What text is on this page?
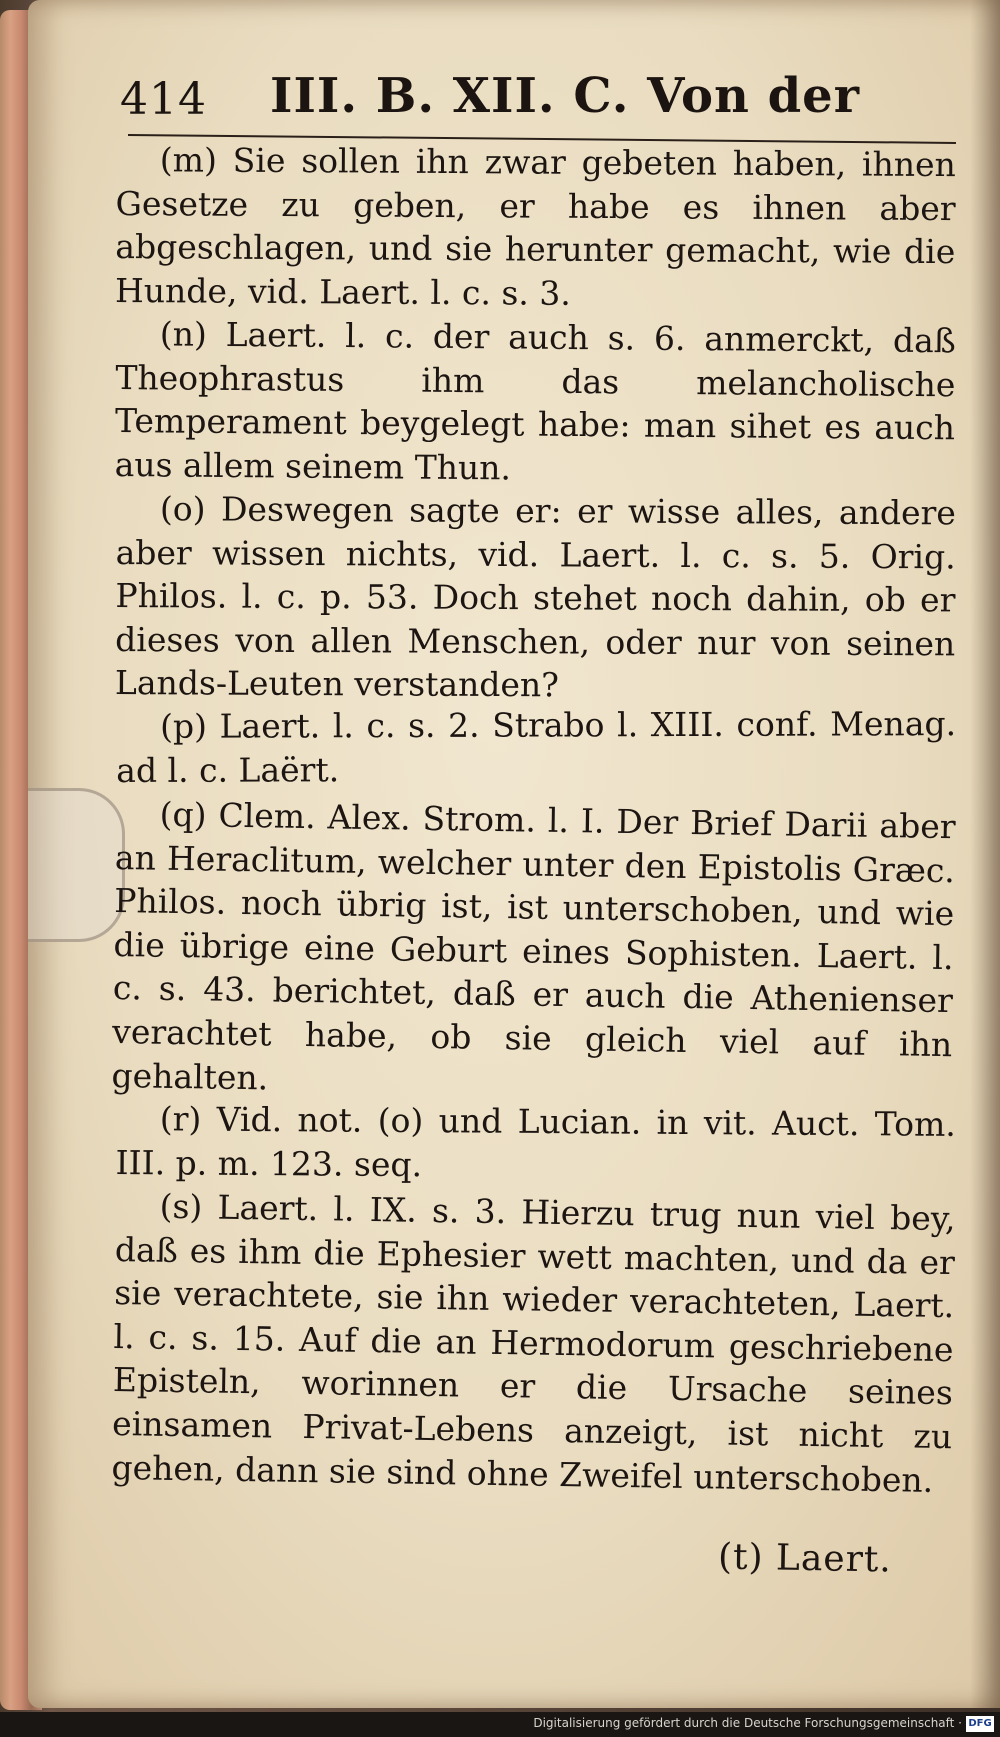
414 III. B. XII. C. Von der

(m) Sie sollen ihn zwar gebeten haben, ihnen Gesetze zu geben, er habe es ihnen aber abgeschlagen, und sie herunter gemacht, wie die Hunde, vid. Laert. l. c. s. 3.

(n) Laert. l. c. der auch s. 6. anmerckt, daß Theophrastus ihm das melancholische Temperament beygelegt habe: man sihet es auch aus allem seinem Thun.

(o) Deswegen sagte er: er wisse alles, andere aber wissen nichts, vid. Laert. l. c. s. 5. Orig. Philos. l. c. p. 53. Doch stehet noch dahin, ob er dieses von allen Menschen, oder nur von seinen Lands-Leuten verstanden?

(p) Laert. l. c. s. 2. Strabo l. XIII. conf. Menag. ad l. c. Laërt.

(q) Clem. Alex. Strom. l. I. Der Brief Darii aber an Heraclitum, welcher unter den Epistolis Græc. Philos. noch übrig ist, ist unterschoben, und wie die übrige eine Geburt eines Sophisten. Laert. l. c. s. 43. berichtet, daß er auch die Athenienser verachtet habe, ob sie gleich viel auf ihn gehalten.

(r) Vid. not. (o) und Lucian. in vit. Auct. Tom. III. p. m. 123. seq.

(s) Laert. l. IX. s. 3. Hierzu trug nun viel bey, daß es ihm die Ephesier wett machten, und da er sie verachtete, sie ihn wieder verachteten, Laert. l. c. s. 15. Auf die an Hermodorum geschriebene Episteln, worinnen er die Ursache seines einsamen Privat-Lebens anzeigt, ist nicht zu gehen, dann sie sind ohne Zweifel unterschoben.

(t) Laert.
Digitalisierung gefördert durch die Deutsche Forschungsgemeinschaft · DFG
